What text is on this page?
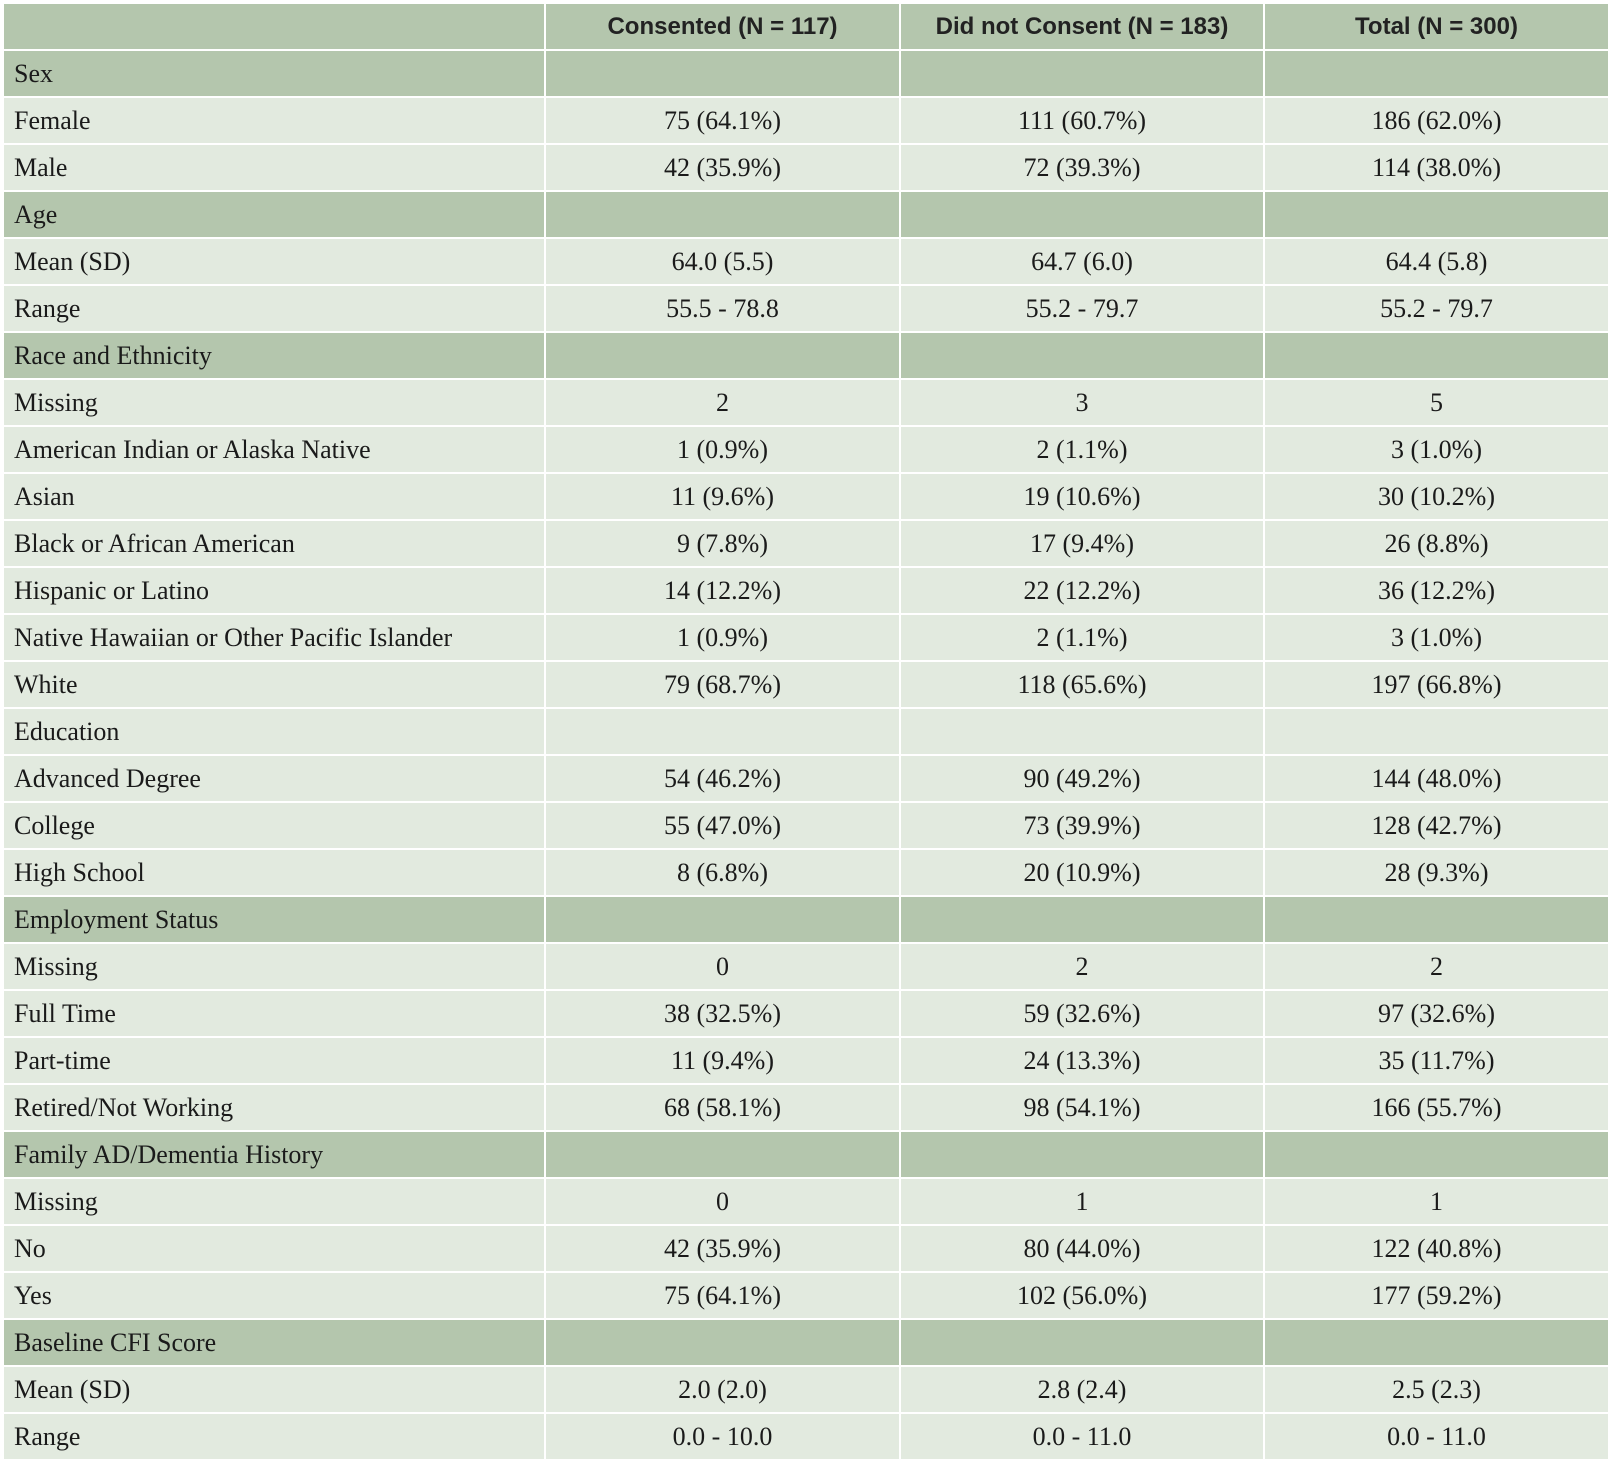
	Consented (N = 117)	Did not Consent (N = 183)	Total (N = 300)
Sex			
Female	75 (64.1%)	111 (60.7%)	186 (62.0%)
Male	42 (35.9%)	72 (39.3%)	114 (38.0%)
Age			
Mean (SD)	64.0 (5.5)	64.7 (6.0)	64.4 (5.8)
Range	55.5 - 78.8	55.2 - 79.7	55.2 - 79.7
Race and Ethnicity			
Missing	2	3	5
American Indian or Alaska Native	1 (0.9%)	2 (1.1%)	3 (1.0%)
Asian	11 (9.6%)	19 (10.6%)	30 (10.2%)
Black or African American	9 (7.8%)	17 (9.4%)	26 (8.8%)
Hispanic or Latino	14 (12.2%)	22 (12.2%)	36 (12.2%)
Native Hawaiian or Other Pacific Islander	1 (0.9%)	2 (1.1%)	3 (1.0%)
White	79 (68.7%)	118 (65.6%)	197 (66.8%)
Education			
Advanced Degree	54 (46.2%)	90 (49.2%)	144 (48.0%)
College	55 (47.0%)	73 (39.9%)	128 (42.7%)
High School	8 (6.8%)	20 (10.9%)	28 (9.3%)
Employment Status			
Missing	0	2	2
Full Time	38 (32.5%)	59 (32.6%)	97 (32.6%)
Part-time	11 (9.4%)	24 (13.3%)	35 (11.7%)
Retired/Not Working	68 (58.1%)	98 (54.1%)	166 (55.7%)
Family AD/Dementia History			
Missing	0	1	1
No	42 (35.9%)	80 (44.0%)	122 (40.8%)
Yes	75 (64.1%)	102 (56.0%)	177 (59.2%)
Baseline CFI Score			
Mean (SD)	2.0 (2.0)	2.8 (2.4)	2.5 (2.3)
Range	0.0 - 10.0	0.0 - 11.0	0.0 - 11.0
